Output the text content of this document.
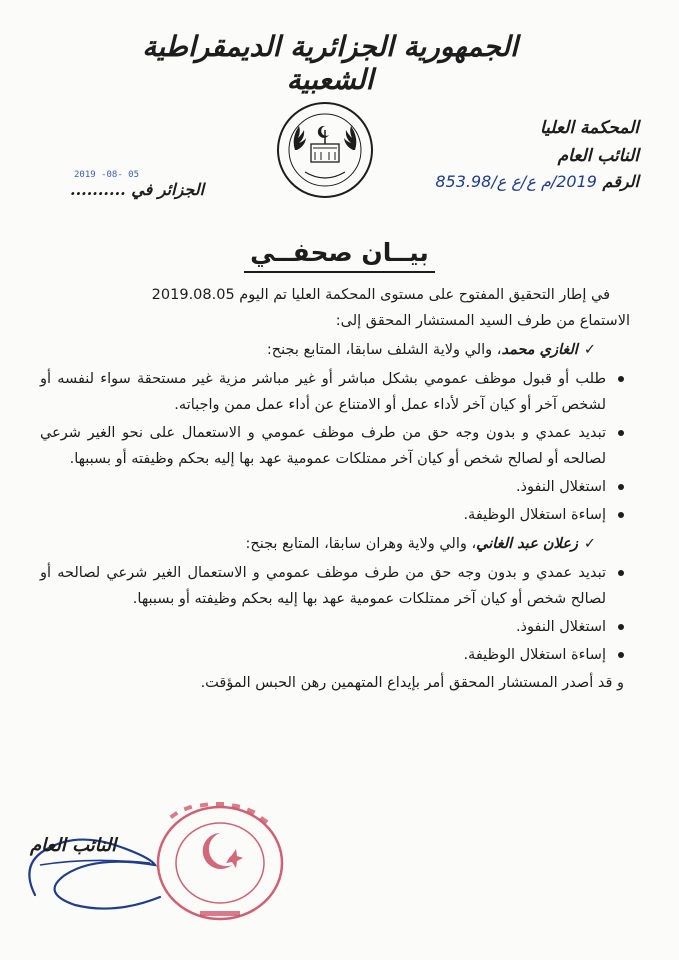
الجمهورية الجزائرية الديمقراطية الشعبية
المحكمة العليا
النائب العام
الرقم 2019/م ع/ع ع/853.98
2019 -08- 05
الجزائر في ..........
بيــان صحفــي

في إطار التحقيق المفتوح على مستوى المحكمة العليا تم اليوم 2019.08.05

الاستماع من طرف السيد المستشار المحقق إلى:

✓الغازي محمد، والي ولاية الشلف سابقا، المتابع بجنح:
طلب أو قبول موظف عمومي بشكل مباشر أو غير مباشر مزية غير مستحقة سواء لنفسه أو لشخص آخر أو كيان آخر لأداء عمل أو الامتناع عن أداء عمل ممن واجباته.
تبديد عمدي و بدون وجه حق من طرف موظف عمومي و الاستعمال على نحو الغير شرعي لصالحه أو لصالح شخص أو كيان آخر ممتلكات عمومية عهد بها إليه بحكم وظيفته أو بسببها.
استغلال النفوذ.
إساءة استغلال الوظيفة.
✓زعلان عبد الغاني، والي ولاية وهران سابقا، المتابع بجنح:
تبديد عمدي و بدون وجه حق من طرف موظف عمومي و الاستعمال الغير شرعي لصالحه أو لصالح شخص أو كيان آخر ممتلكات عمومية عهد بها إليه بحكم وظيفته أو بسببها.
استغلال النفوذ.
إساءة استغلال الوظيفة.

و قد أصدر المستشار المحقق أمر بإيداع المتهمين رهن الحبس المؤقت.

النائب العام
